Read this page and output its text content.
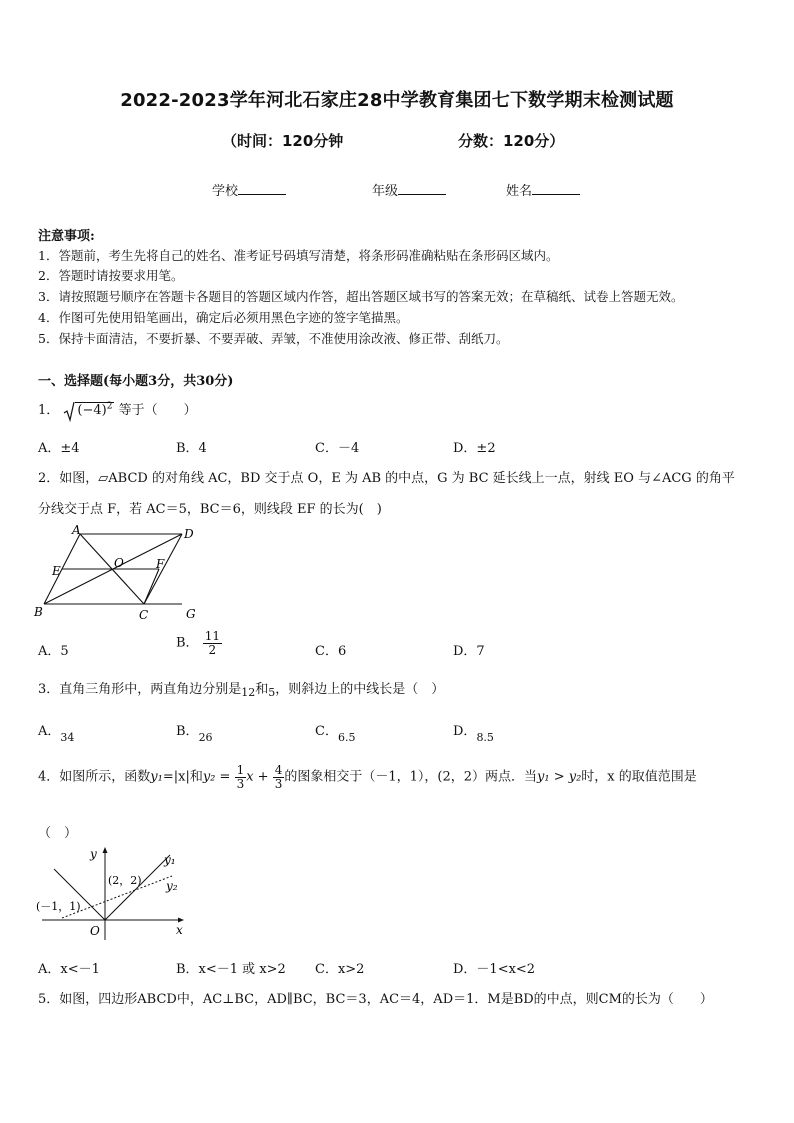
2022-2023学年河北石家庄28中学教育集团七下数学期末检测试题
（时间：120分钟	分数：120分）
学校	年级	姓名
注意事项:
1．答题前，考生先将自己的姓名、准考证号码填写清楚，将条形码准确粘贴在条形码区域内。
2．答题时请按要求用笔。
3．请按照题号顺序在答题卡各题目的答题区域内作答，超出答题区域书写的答案无效；在草稿纸、试卷上答题无效。
4．作图可先使用铅笔画出，确定后必须用黑色字迹的签字笔描黑。
5．保持卡面清洁，不要折暴、不要弄破、弄皱，不准使用涂改液、修正带、刮纸刀。
一、选择题(每小题3分，共30分)
1． $(-4)^2$ 等于（　　）
A．±4	B．4	C．－4	D．±2
2．如图，▱ABCD 的对角线 AC，BD 交于点 O，E 为 AB 的中点，G 为 BC 延长线上一点，射线 EO 与∠ACG 的角平
分线交于点 F，若 AC＝5，BC＝6，则线段 EF 的长为(　)
A	D
E
O	F
B	C	G
A．5
B． $\frac{11}{2}$	C．6	D．7
3．直角三角形中，两直角边分别是$_{12}$和$_5$，则斜边上的中线长是（　）
A．$_{34}$	B．$_{26}$	C．$_{6.5}$	D．$_{8.5}$
4．如图所示，函数y₁=|x|和$y_2 = \frac{1}{3}$ $x + \frac{4}{3}$ 的图象相交于（－1，1），(2，2）两点．当y₁ > y₂时，x 的取值范围是
（　）
y
x
O
y₁
y₂
(2，2)
(－1，1)
A．x<－1	B．x<－1 或 x>2 C．x>2	D．－1<x<2
5．如图，四边形ABCD中，AC⊥BC，AD∥BC，BC＝3，AC＝4，AD＝1．M是BD的中点，则CM的长为（　　）
